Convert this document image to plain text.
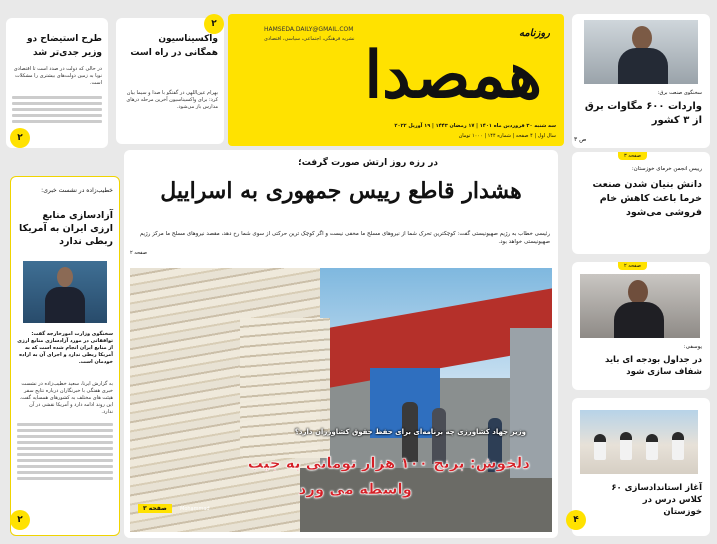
HAMSEDA.DAILY@GMAIL.COM
نشریه فرهنگی، اجتماعی، سیاسی، اقتصادی	روزنامه
همصدا
سه شنبه ۳۰ فروردین ماه ۱۴۰۱ | ۱۷ رمضان ۱۴۴۳ | ۱۹ آوریل ۲۰۲۲
سال اول | ۴ صفحه | شماره ۱۴۴ | ۱۰۰۰ تومان
طرح استیضاح دو وزیر جدی‌تر شد
در حالی که دولت در صدد است تا اقتصادی نوپا به زمین دولت‌های بیشتری را مشکلات است.
۲
واکسیناسیون همگانی در راه است
بهرام عین‌اللهی در گفتگو با صدا و سیما بیان کرد: برای واکسیناسیون آخرین مرحله درهای مدارس باز می‌شود.
۲
سخنگوی صنعت برق:
واردات ۶۰۰ مگاوات برق از ۳ کشور
ص ۳
در رزه روز ارتش صورت گرفت؛
هشدار قاطع رییس جمهوری به اسراییل
رئیسی خطاب به رژیم صهیونیستی گفت: کوچکترین تحرک شما از نیروهای مسلح ما مخفی نیست و اگر کوچک ترین حرکتی از سوی شما رخ دهد، مقصد نیروهای مسلح ما مرکز رژیم صهیونیستی خواهد بود.
صفحه ۲
وزیر جهاد کشاورزی چه برنامه‌ای برای حفظ حقوق کشاورزان دارد؟
دلخوش: برنج ۱۰۰ هزار تومانی به جیب
واسطه می ورد
Mohammad
صفحه ۳
خطیب‌زاده در نشست خبری:
آزادسازی منابع ارزی ایران به آمریکا ربطی ندارد
سخنگوی وزارت امورخارجه گفت: توافقاتی در مورد آزادسازی منابع ارزی از منابع ایران انجام شده است که به آمریکا ربطی ندارد و اجرای آن به اراده خودمان است.
به گزارش ایرنا، سعید خطیب‌زاده در نشست خبری هفتگی با خبرنگاران درباره نتایج سفر هیئت های مختلف به کشورهای همسایه گفت. این روند ادامه دارد و آمریکا نقشی در آن ندارد.
۲
صفحه ۳
رییس انجمن خرمای خوزستان:
دانش بنیان شدن صنعت خرما باعث کاهش خام فروشی می‌شود
صفحه ۲
یوسفی:
در جداول بودجه ای باید شفاف سازی شود
آغاز استاندادسازی ۶۰ کلاس درس در خوزستان
۴
